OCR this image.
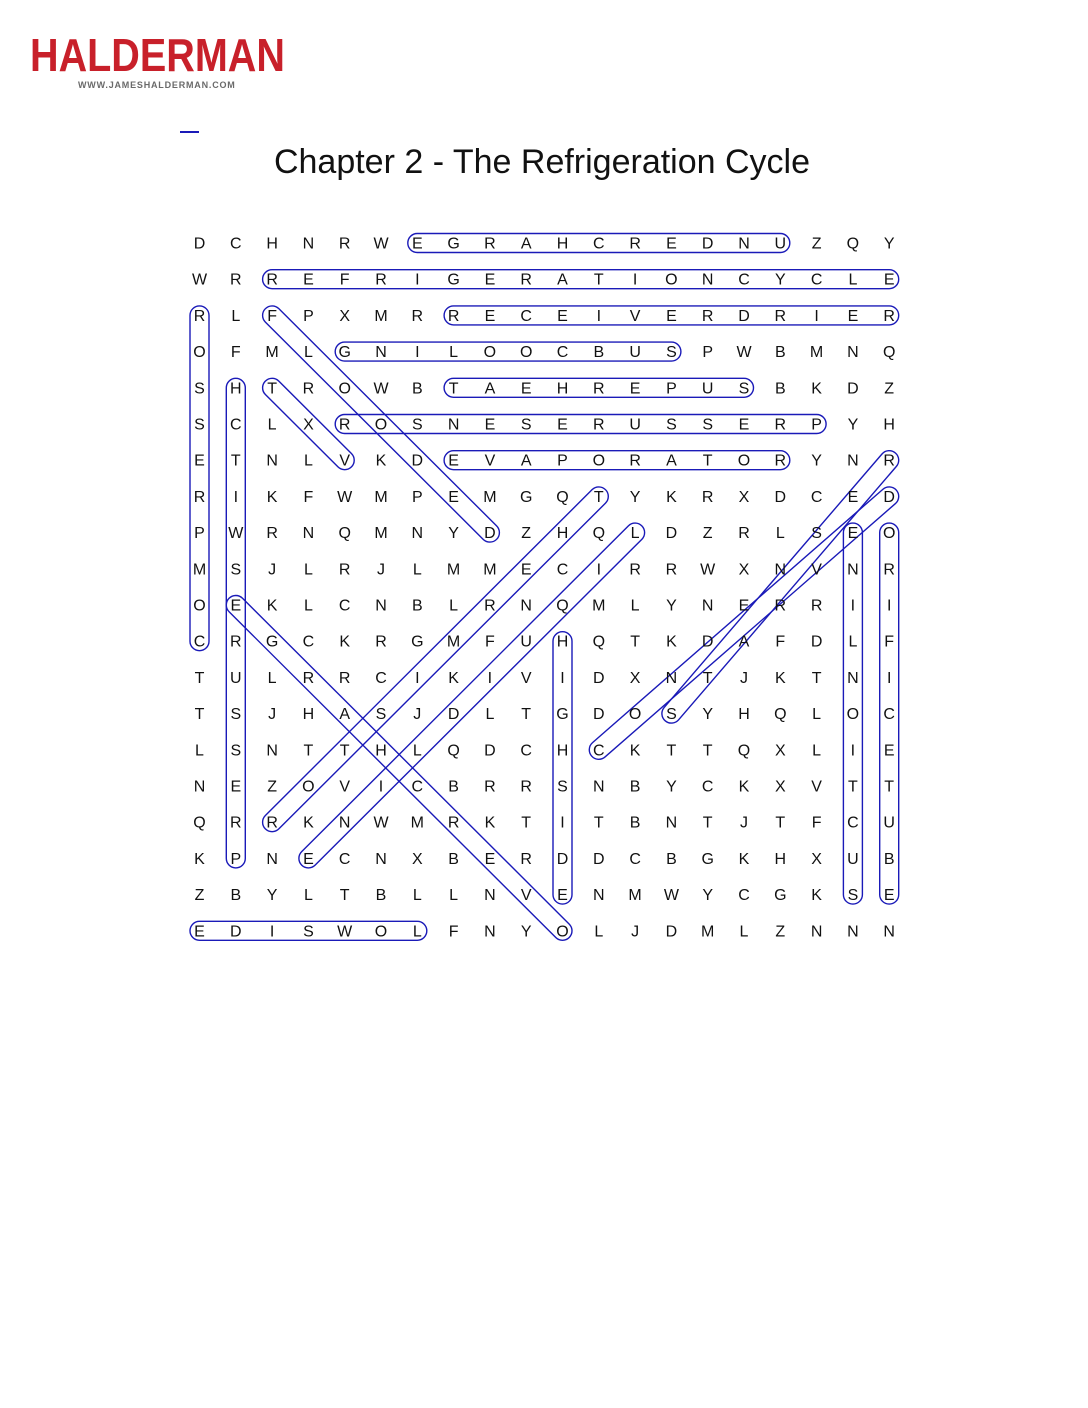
HALDERMAN
WWW.JAMESHALDERMAN.COM
Chapter 2 - The Refrigeration Cycle
D C H N R W E G R A H C R E D N U Z Q Y
W R R E F R I G E R A T I O N C Y C L E
R L F P X M R R E C E I V E R D R I E R
O F M L G N I L O O C B U S P W B M N Q
S H T R O W B T A E H R E P U S B K D Z
S C L X R O S N E S E R U S S E R P Y H
E T N L V K D E V A P O R A T O R Y N R
R I K F W M P E M G Q T Y K R X D C E D
P W R N Q M N Y D Z H Q L D Z R L S E O
M S J L R J L M M E C I R R W X N V N R
O E K L C N B L R N Q M L Y N E R R I I
C R G C K R G M F U H Q T K D A F D L F
T U L R R C I K I V I D X N T J K T N I
T S J H A S J D L T G D O S Y H Q L O C
L S N T T H L Q D C H C K T T Q X L I E
N E Z O V I C B R R S N B Y C K X V T T
Q R R K N W M R K T I T B N T J T F C U
K P N E C N X B E R D D C B G K H X U B
Z B Y L T B L L N V E N M W Y C G K S E
E D I S W O L F N Y O L J D M L Z N N N
